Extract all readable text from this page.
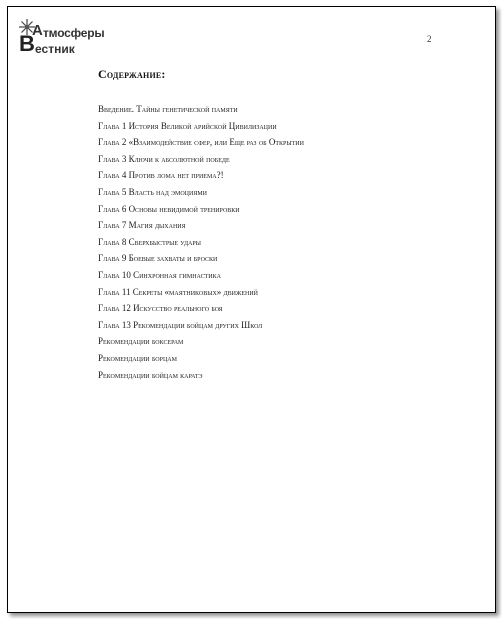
А тмосферы
В естник
2
Содержание:
Введение. Тайны генетической памяти
Глава 1 История Великой арийской Цивилизации
Глава 2 «Взаимодействие сфер, или Еще раз об Открытии
Глава 3 Ключи к абсолютной победе
Глава 4 Против лома нет приема?!
Глава 5 Власть над эмоциями
Глава 6 Основы невидимой тренировки
Глава 7 Магия дыхания
Глава 8 Сверхбыстрые удары
Глава 9 Боевые захваты и броски
Глава 10 Синхронная гимнастика
Глава 11 Секреты «маятниковых» движений
Глава 12 Искусство реального боя
Глава 13 Рекомендации бойцам других Школ
Рекомендации боксерам
Рекомендации борцам
Рекомендации бойцам каратэ
